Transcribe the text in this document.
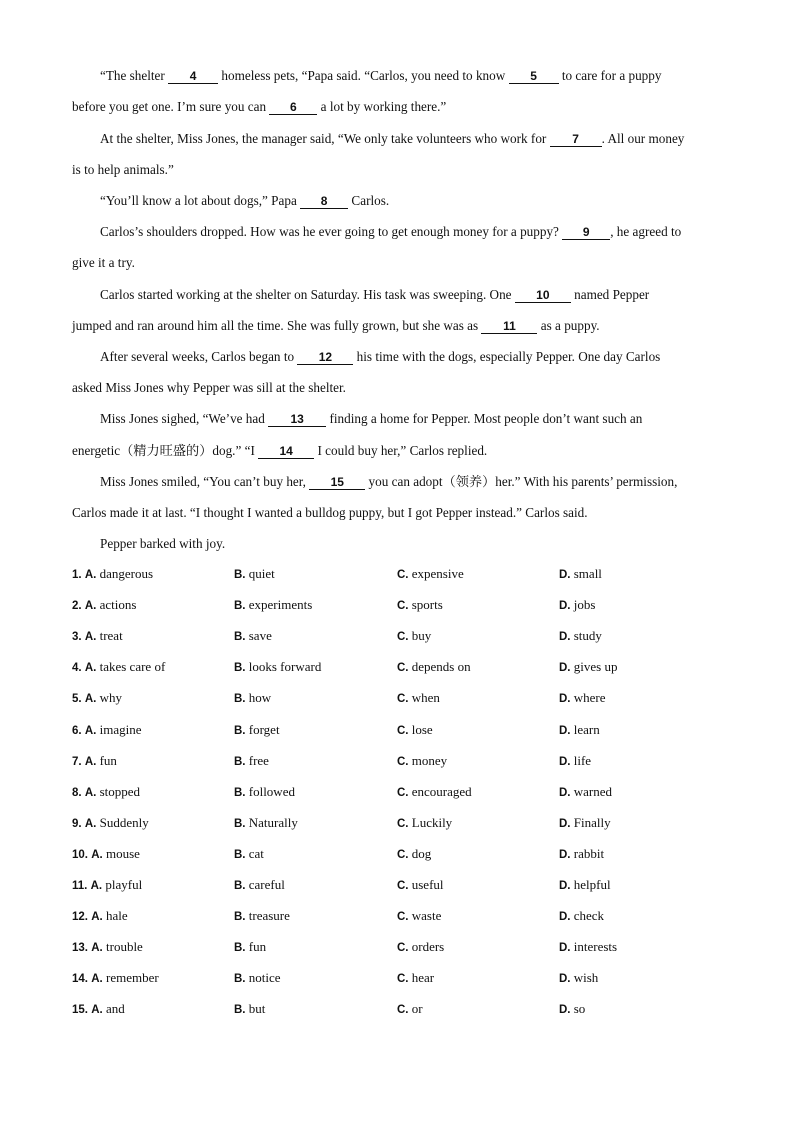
“The shelter 4 homeless pets, “Papa said. “Carlos, you need to know 5 to care for a puppy
before you get one. I’m sure you can 6 a lot by working there.”
At the shelter, Miss Jones, the manager said, “We only take volunteers who work for 7 . All our money
is to help animals.”
“You’ll know a lot about dogs,” Papa 8 Carlos.
Carlos’s shoulders dropped. How was he ever going to get enough money for a puppy? 9 , he agreed to
give it a try.
Carlos started working at the shelter on Saturday. His task was sweeping. One 10 named Pepper
jumped and ran around him all the time. She was fully grown, but she was as 11 as a puppy.
After several weeks, Carlos began to 12 his time with the dogs, especially Pepper. One day Carlos
asked Miss Jones why Pepper was sill at the shelter.
Miss Jones sighed, “We’ve had 13 finding a home for Pepper. Most people don’t want such an
energetic（精力旺盛的）dog.” “I 14 I could buy her,” Carlos replied.
Miss Jones smiled, “You can’t buy her, 15 you can adopt（领养）her.” With his parents’ permission,
Carlos made it at last. “I thought I wanted a bulldog puppy, but I got Pepper instead.” Carlos said.
Pepper barked with joy.
1. A. dangerous	B. quiet	C. expensive	D. small
2. A. actions	B. experiments	C. sports	D. jobs
3. A. treat	B. save	C. buy	D. study
4. A. takes care of	B. looks forward	C. depends on	D. gives up
5. A. why	B. how	C. when	D. where
6. A. imagine	B. forget	C. lose	D. learn
7. A. fun	B. free	C. money	D. life
8. A. stopped	B. followed	C. encouraged	D. warned
9. A. Suddenly	B. Naturally	C. Luckily	D. Finally
10. A. mouse	B. cat	C. dog	D. rabbit
11. A. playful	B. careful	C. useful	D. helpful
12. A. hale	B. treasure	C. waste	D. check
13. A. trouble	B. fun	C. orders	D. interests
14. A. remember	B. notice	C. hear	D. wish
15. A. and	B. but	C. or	D. so
